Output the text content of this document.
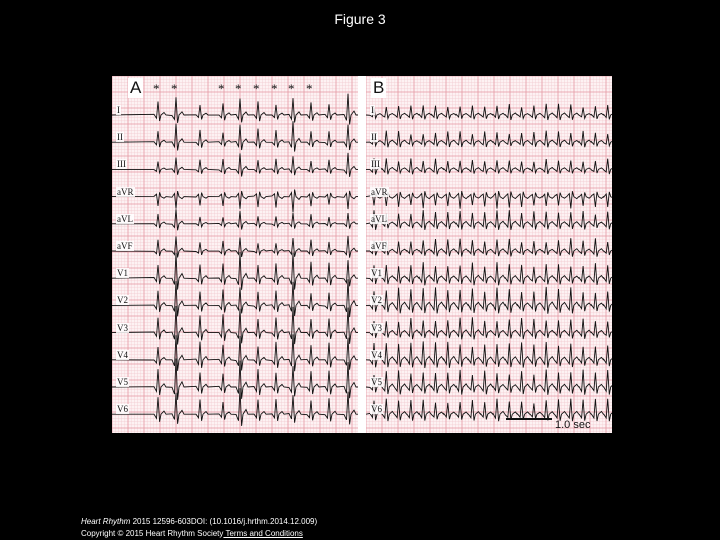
Figure 3
A * *	* * * * * *
I
II
III
aVR
aVL
aVF
V1
V2
V3
V4
V5
V6
B
I
II
III
aVR
aVL
aVF
V1
V2
V3
V4
V5
V6
1.0 sec
Heart Rhythm 2015 12596-603DOI: (10.1016/j.hrthm.2014.12.009)
Copyright © 2015 Heart Rhythm Society Terms and Conditions
